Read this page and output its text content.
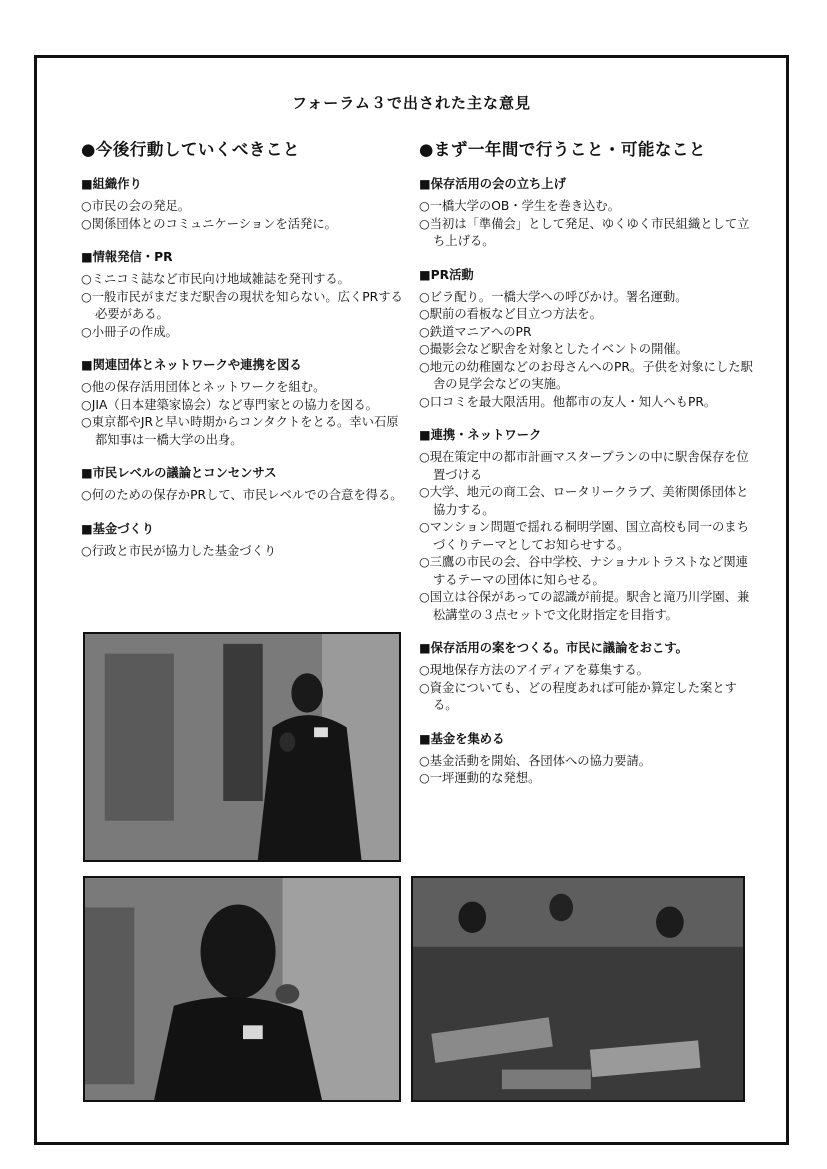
フォーラム３で出された主な意見
●今後行動していくべきこと
■組織作り
○市民の会の発足。
○関係団体とのコミュニケーションを活発に。
■情報発信・PR
○ミニコミ誌など市民向け地域雑誌を発刊する。
○一般市民がまだまだ駅舎の現状を知らない。広くPRする必要がある。
○小冊子の作成。
■関連団体とネットワークや連携を図る
○他の保存活用団体とネットワークを組む。
○JIA（日本建築家協会）など専門家との協力を図る。
○東京都やJRと早い時期からコンタクトをとる。幸い石原都知事は一橋大学の出身。
■市民レベルの議論とコンセンサス
○何のための保存かPRして、市民レベルでの合意を得る。
■基金づくり
○行政と市民が協力した基金づくり
●まず一年間で行うこと・可能なこと
■保存活用の会の立ち上げ
○一橋大学のOB・学生を巻き込む。
○当初は「準備会」として発足、ゆくゆく市民組織として立ち上げる。
■PR活動
○ビラ配り。一橋大学への呼びかけ。署名運動。
○駅前の看板など目立つ方法を。
○鉄道マニアへのPR
○撮影会など駅舎を対象としたイベントの開催。
○地元の幼稚園などのお母さんへのPR。子供を対象にした駅舎の見学会などの実施。
○口コミを最大限活用。他都市の友人・知人へもPR。
■連携・ネットワーク
○現在策定中の都市計画マスタープランの中に駅舎保存を位置づける
○大学、地元の商工会、ロータリークラブ、美術関係団体と協力する。
○マンション問題で揺れる桐明学園、国立高校も同一のまちづくりテーマとしてお知らせする。
○三鷹の市民の会、谷中学校、ナショナルトラストなど関連するテーマの団体に知らせる。
○国立は谷保があっての認識が前提。駅舎と滝乃川学園、兼松講堂の３点セットで文化財指定を目指す。
■保存活用の案をつくる。市民に議論をおこす。
○現地保存方法のアイディアを募集する。
○資金についても、どの程度あれば可能か算定した案とする。
■基金を集める
○基金活動を開始、各団体への協力要請。
○一坪運動的な発想。
